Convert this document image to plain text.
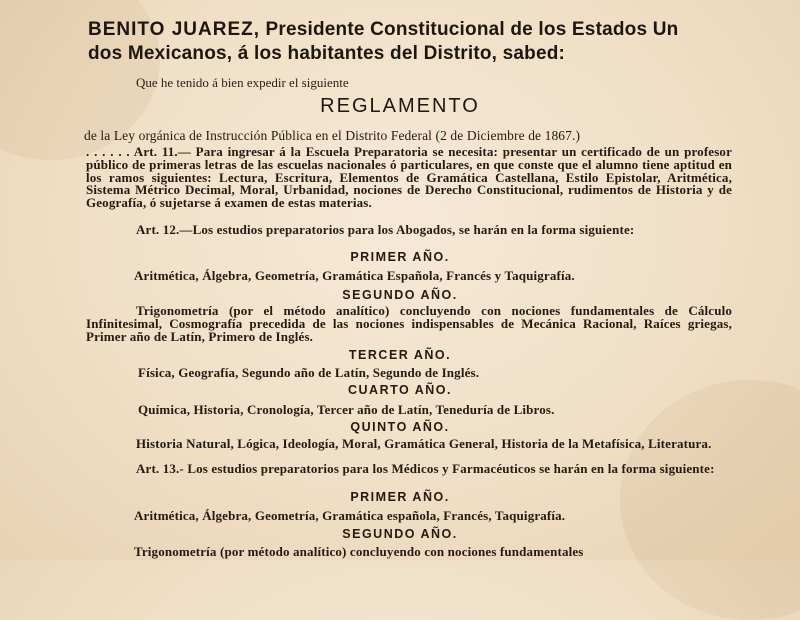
BENITO JUAREZ, Presidente Constitucional de los Estados Un
dos Mexicanos, á los habitantes del Distrito, sabed:
Que he tenido á bien expedir el siguiente
REGLAMENTO
de la Ley orgánica de Instrucción Pública en el Distrito Federal (2 de Diciembre de 1867.)
. . . . . . Art. 11.— Para ingresar á la Escuela Preparatoria se necesita: presentar un certificado de un profesor público de primeras letras de las escuelas nacionales ó particulares, en que conste que el alumno tiene aptitud en los ramos siguientes: Lectura, Escritura, Elementos de Gramática Castellana, Estilo Epistolar, Aritmética, Sistema Métrico Decimal, Moral, Urbanidad, nociones de Derecho Constitucional, rudimentos de Historia y de Geografía, ó sujetarse á examen de estas materias.
Art. 12.—Los estudios preparatorios para los Abogados, se harán en la forma siguiente:
PRIMER AÑO.
Aritmética, Álgebra, Geometría, Gramática Española, Francés y Taquigrafía.
SEGUNDO AÑO.
Trigonometría (por el método analítico) concluyendo con nociones fundamentales de Cálculo Infinitesimal, Cosmografía precedida de las nociones indispensables de Mecánica Racional, Raíces griegas, Primer año de Latín, Primero de Inglés.
TERCER AÑO.
Física, Geografía, Segundo año de Latín, Segundo de Inglés.
CUARTO AÑO.
Química, Historia, Cronología, Tercer año de Latín, Teneduría de Libros.
QUINTO AÑO.
Historia Natural, Lógica, Ideología, Moral, Gramática General, Historia de la Metafísica, Literatura.
Art. 13.- Los estudios preparatorios para los Médicos y Farmacéuticos se harán en la forma siguiente:
PRIMER AÑO.
Aritmética, Álgebra, Geometría, Gramática española, Francés, Taquigrafía.
SEGUNDO AÑO.
Trigonometría (por método analítico) concluyendo con nociones fundamentales
